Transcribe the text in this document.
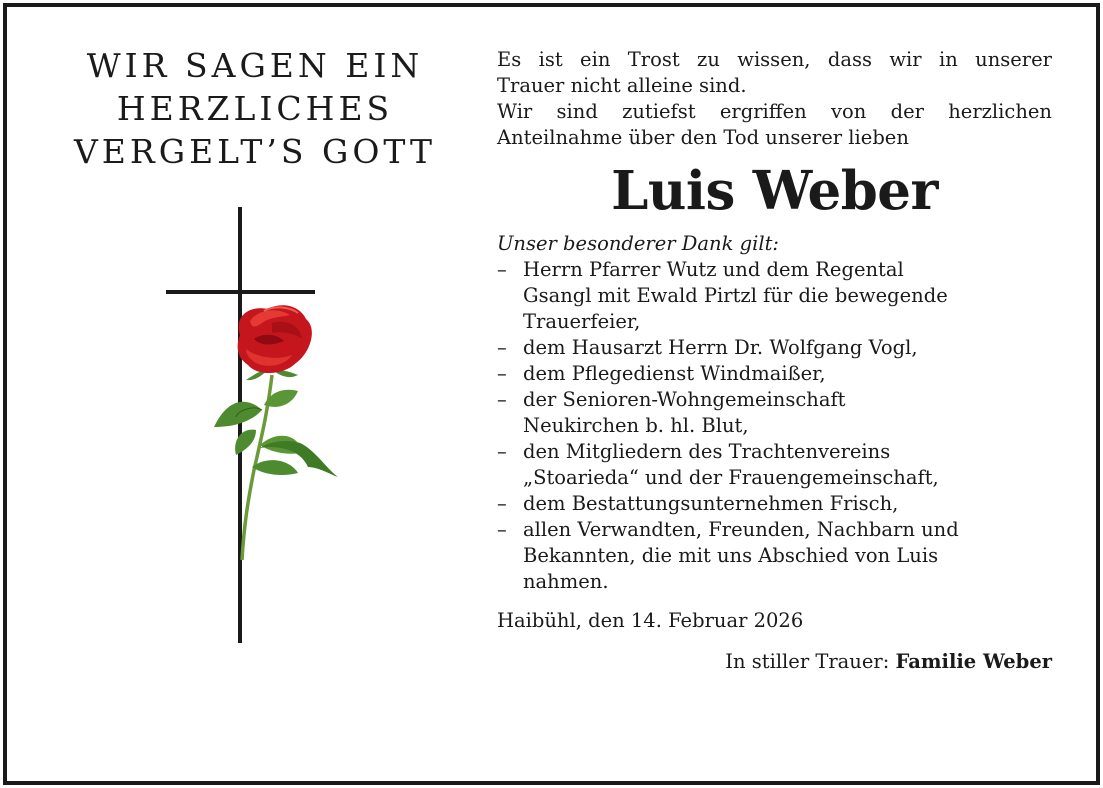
WIR SAGEN EIN
HERZLICHES
VERGELT’S GOTT
Es ist ein Trost zu wissen, dass wir in unserer
Trauer nicht alleine sind.
Wir sind zutiefst ergriffen von der herzlichen
Anteilnahme über den Tod unserer lieben
Luis Weber
Unser besonderer Dank gilt:
– Herrn Pfarrer Wutz und dem Regental
Gsangl mit Ewald Pirtzl für die bewegende
Trauerfeier,
– dem Hausarzt Herrn Dr. Wolfgang Vogl,
– dem Pflegedienst Windmaißer,
– der Senioren-Wohngemeinschaft
Neukirchen b. hl. Blut,
– den Mitgliedern des Trachtenvereins
„Stoarieda“ und der Frauengemeinschaft,
– dem Bestattungsunternehmen Frisch,
– allen Verwandten, Freunden, Nachbarn und
Bekannten, die mit uns Abschied von Luis
nahmen.
Haibühl, den 14. Februar 2026
In stiller Trauer: Familie Weber
